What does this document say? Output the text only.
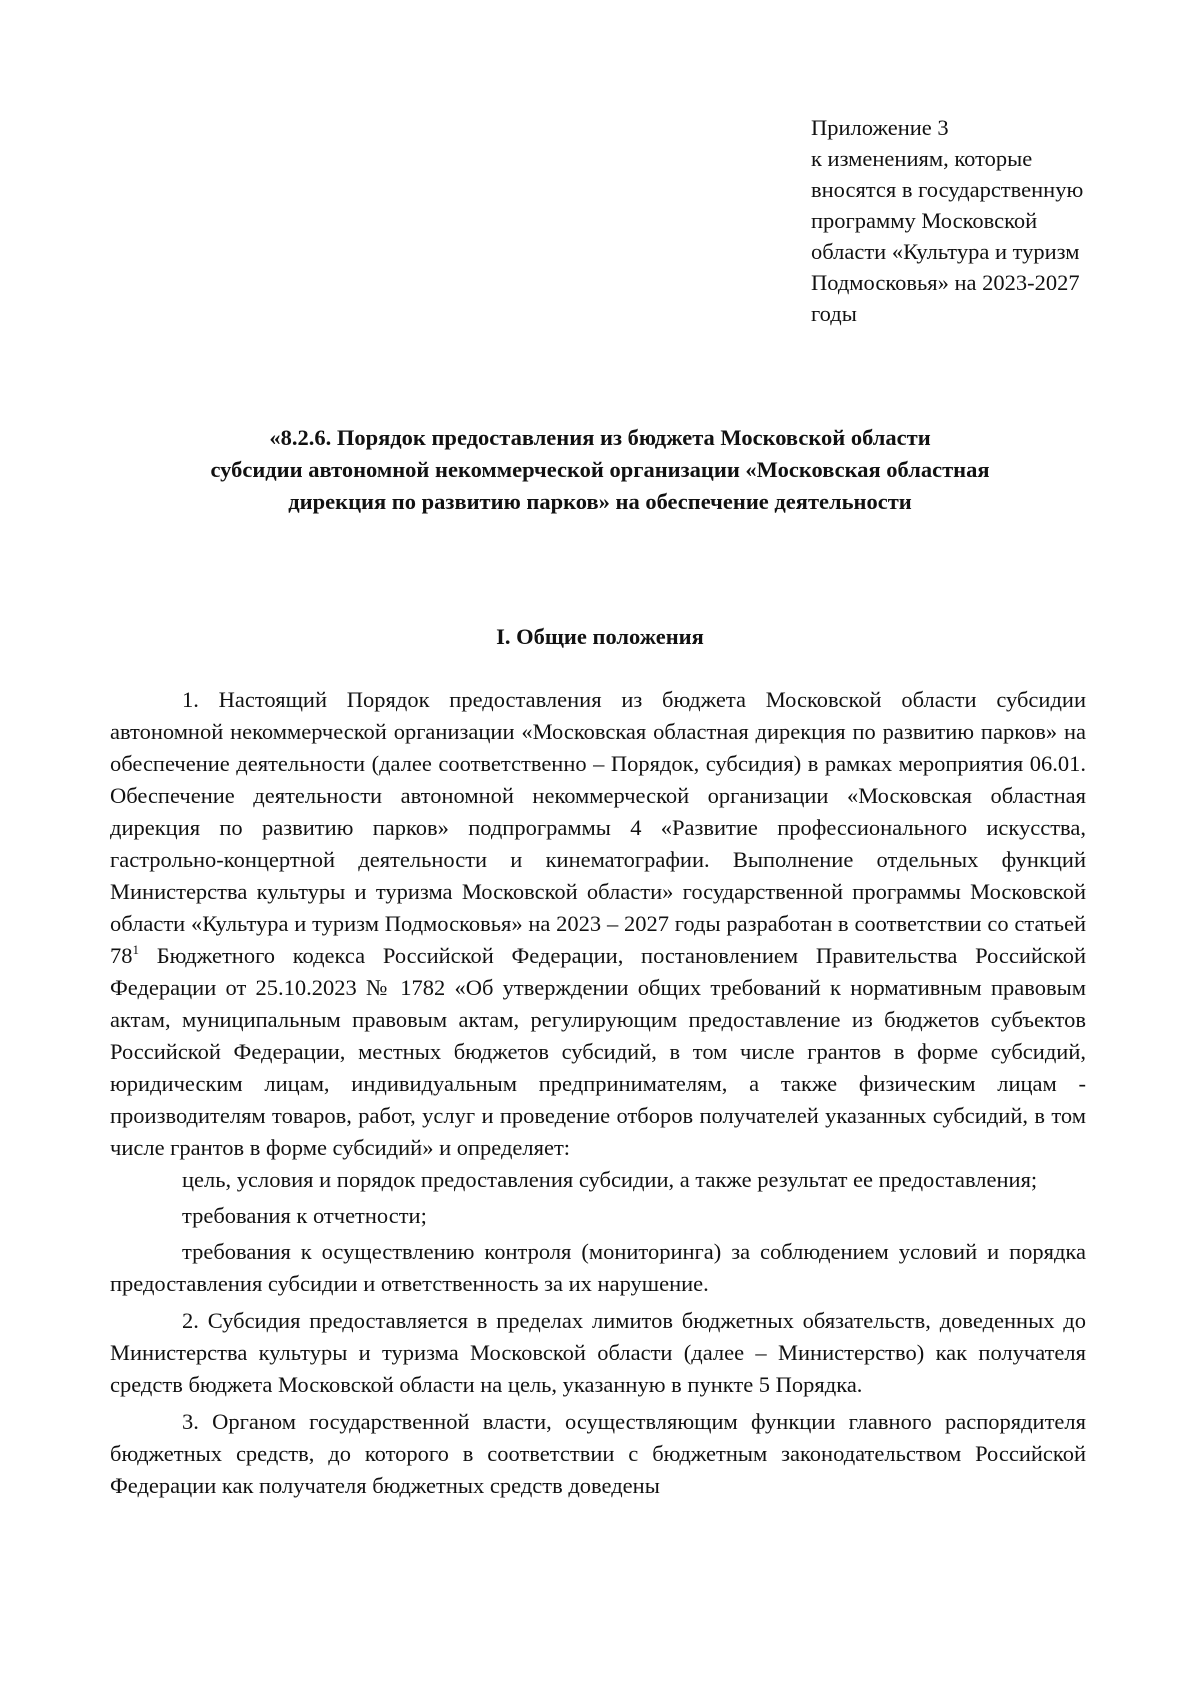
Приложение 3
к изменениям, которые
вносятся в государственную
программу Московской
области «Культура и туризм
Подмосковья» на 2023-2027
годы
«8.2.6. Порядок предоставления из бюджета Московской области
субсидии автономной некоммерческой организации «Московская областная
дирекция по развитию парков» на обеспечение деятельности
I. Общие положения

1. Настоящий Порядок предоставления из бюджета Московской области субсидии автономной некоммерческой организации «Московская областная дирекция по развитию парков» на обеспечение деятельности (далее соответственно – Порядок, субсидия) в рамках мероприятия 06.01. Обеспечение деятельности автономной некоммерческой организации «Московская областная дирекция по развитию парков» подпрограммы 4 «Развитие профессионального искусства, гастрольно-концертной деятельности и кинематографии. Выполнение отдельных функций Министерства культуры и туризма Московской области» государственной программы Московской области «Культура и туризм Подмосковья» на 2023 – 2027 годы разработан в соответствии со статьей $78^1$ Бюджетного кодекса Российской Федерации, постановлением Правительства Российской Федерации от 25.10.2023 № 1782 «Об утверждении общих требований к нормативным правовым актам, муниципальным правовым актам, регулирующим предоставление из бюджетов субъектов Российской Федерации, местных бюджетов субсидий, в том числе грантов в форме субсидий, юридическим лицам, индивидуальным предпринимателям, а также физическим лицам - производителям товаров, работ, услуг и проведение отборов получателей указанных субсидий, в том числе грантов в форме субсидий» и определяет:

цель, условия и порядок предоставления субсидии, а также результат ее предоставления;

требования к отчетности;

требования к осуществлению контроля (мониторинга) за соблюдением условий и порядка предоставления субсидии и ответственность за их нарушение.

2. Субсидия предоставляется в пределах лимитов бюджетных обязательств, доведенных до Министерства культуры и туризма Московской области (далее – Министерство) как получателя средств бюджета Московской области на цель, указанную в пункте 5 Порядка.

3. Органом государственной власти, осуществляющим функции главного распорядителя бюджетных средств, до которого в соответствии с бюджетным законодательством Российской Федерации как получателя бюджетных средств доведены
